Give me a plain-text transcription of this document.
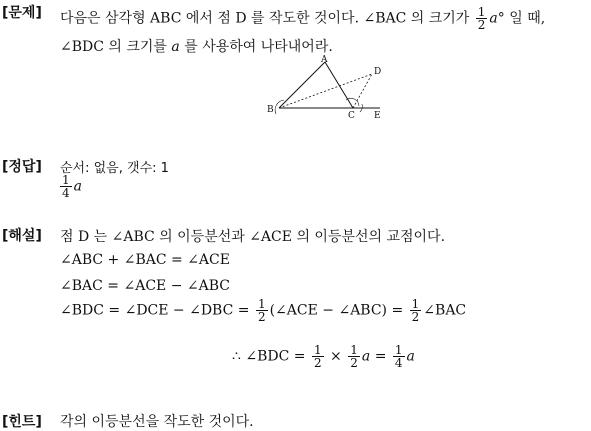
[문제] 다음은 삼각형 ABC 에서 점 D 를 작도한 것이다. ∠BAC 의 크기가 $\frac{1}{2} a^\circ$ 일 때,
∠BDC 의 크기를 a 를 사용하여 나타내어라.
A
B
C
D
E
[정답] 순서: 없음, 갯수: 1
$\frac{1}{4}$ a
[해설] 점 D 는 ∠ABC 의 이등분선과 ∠ACE 의 이등분선의 교점이다.
∠ABC + ∠BAC = ∠ACE
∠BAC = ∠ACE − ∠ABC
∠BDC = ∠DCE − ∠DBC = $\frac{1}{2}$ (∠ACE − ∠ABC) = $\frac{1}{2}$ ∠BAC
∴ ∠BDC = $\frac{1}{2} \times \frac{1}{2}$ $a = \frac{1}{4}$ a
[힌트] 각의 이등분선을 작도한 것이다.
